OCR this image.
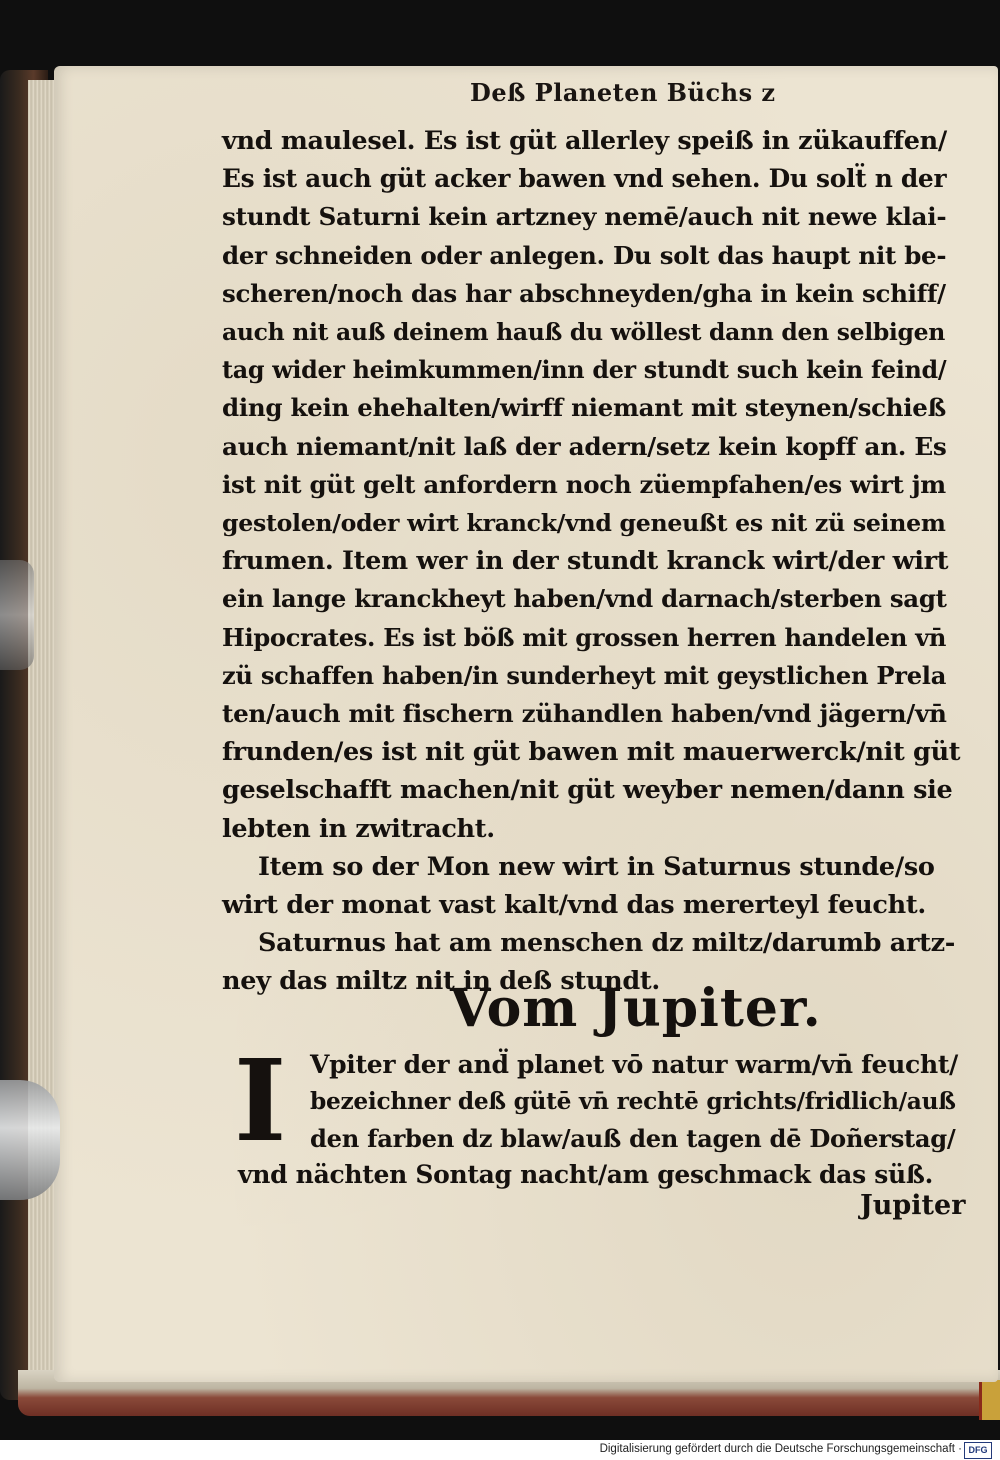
Deß Planeten Büchs z
vnd maulesel. Es ist güt allerley speiß in zükauffen/
Es ist auch güt acker bawen vnd sehen. Du solẗ n der
stundt Saturni kein artzney nemē/auch nit newe klai-
der schneiden oder anlegen. Du solt das haupt nit be-
scheren/noch das har abschneyden/gha in kein schiff/
auch nit auß deinem hauß du wöllest dann den selbigen
tag wider heimkummen/inn der stundt such kein feind/
ding kein ehehalten/wirff niemant mit steynen/schieß
auch niemant/nit laß der adern/setz kein kopff an. Es
ist nit güt gelt anfordern noch züempfahen/es wirt jm
gestolen/oder wirt kranck/vnd geneußt es nit zü seinem
frumen. Item wer in der stundt kranck wirt/der wirt
ein lange kranckheyt haben/vnd darnach/sterben sagt
Hipocrates. Es ist böß mit grossen herren handelen vn̄
zü schaffen haben/in sunderheyt mit geystlichen Prela
ten/auch mit fischern zühandlen haben/vnd jägern/vn̄
frunden/es ist nit güt bawen mit mauerwerck/nit güt
geselschafft machen/nit güt weyber nemen/dann sie
lebten in zwitracht.
Item so der Mon new wirt in Saturnus stunde/so
wirt der monat vast kalt/vnd das mererteyl feucht.
Saturnus hat am menschen dz miltz/darumb artz-
ney das miltz nit in deß stundt.
Vom Jupiter.
I Vpiter der and̈ planet vō natur warm/vn̄ feucht/
bezeichner deß gütē vn̄ rechtē grichts/fridlich/auß
den farben dz blaw/auß den tagen dē Doñerstag/
vnd nächten Sontag nacht/am geschmack das süß.
Jupiter
Digitalisierung gefördert durch die Deutsche Forschungsgemeinschaft · DFG
